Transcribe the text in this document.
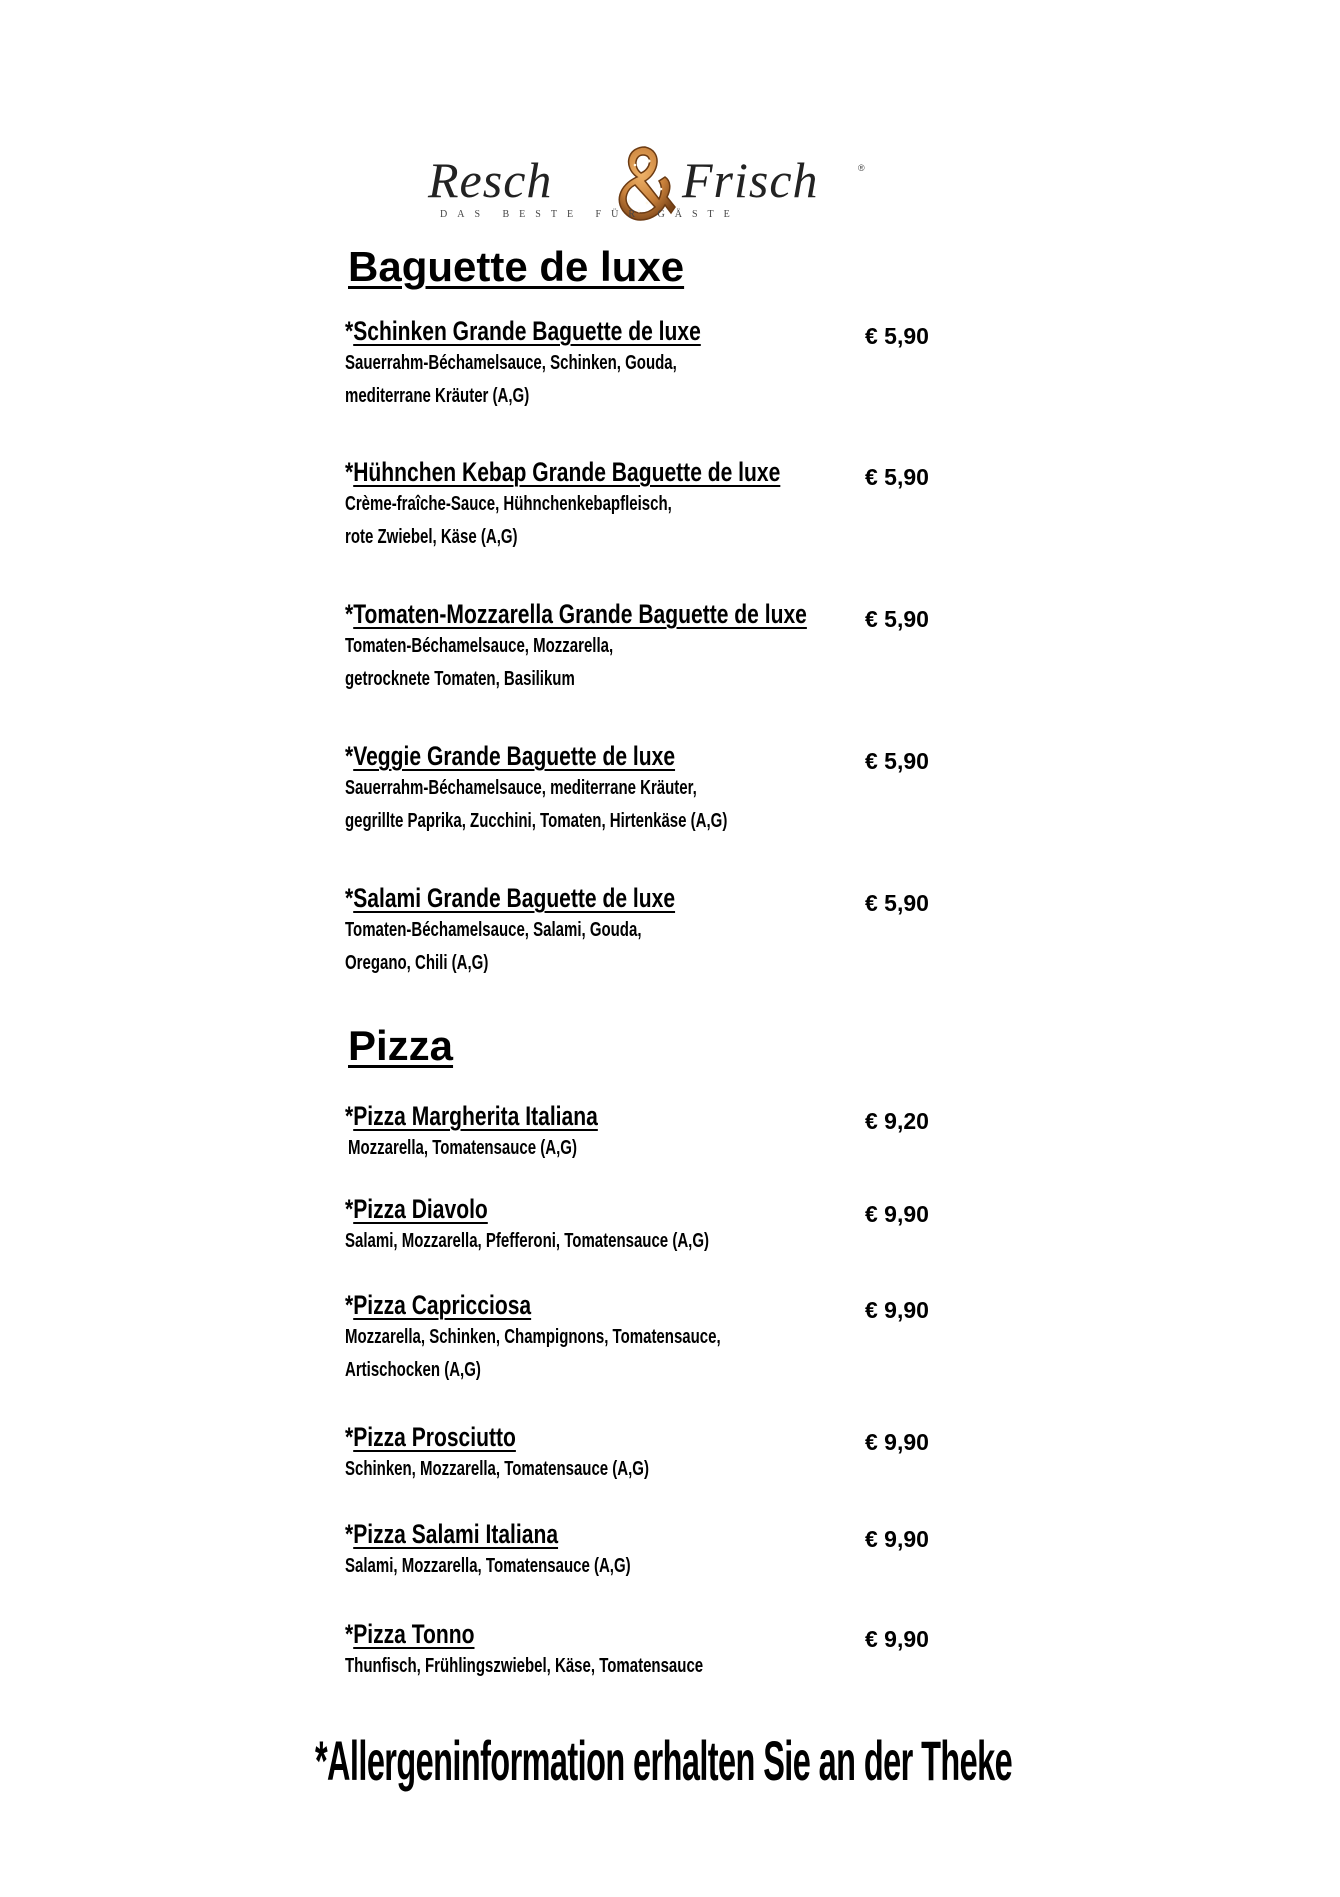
Resch	Frisch	®
DAS BESTE FÜR GÄSTE
Baguette de luxe
*Schinken Grande Baguette de luxe
Sauerrahm-Béchamelsauce, Schinken, Gouda,
mediterrane Kräuter (A,G)
€ 5,90
*Hühnchen Kebap Grande Baguette de luxe
Crème-fraîche-Sauce, Hühnchenkebapfleisch,
rote Zwiebel, Käse (A,G)
€ 5,90
*Tomaten-Mozzarella Grande Baguette de luxe
Tomaten-Béchamelsauce, Mozzarella,
getrocknete Tomaten, Basilikum
€ 5,90
*Veggie Grande Baguette de luxe
Sauerrahm-Béchamelsauce, mediterrane Kräuter,
gegrillte Paprika, Zucchini, Tomaten, Hirtenkäse (A,G)
€ 5,90
*Salami Grande Baguette de luxe
Tomaten-Béchamelsauce, Salami, Gouda,
Oregano, Chili (A,G)
€ 5,90
Pizza
*Pizza Margherita Italiana
Mozzarella, Tomatensauce (A,G)
€ 9,20
*Pizza Diavolo
Salami, Mozzarella, Pfefferoni, Tomatensauce (A,G)
€ 9,90
*Pizza Capricciosa
Mozzarella, Schinken, Champignons, Tomatensauce,
Artischocken (A,G)
€ 9,90
*Pizza Prosciutto
Schinken, Mozzarella, Tomatensauce (A,G)
€ 9,90
*Pizza Salami Italiana
Salami, Mozzarella, Tomatensauce (A,G)
€ 9,90
*Pizza Tonno
Thunfisch, Frühlingszwiebel, Käse, Tomatensauce
€ 9,90
*Allergeninformation erhalten Sie an der Theke
